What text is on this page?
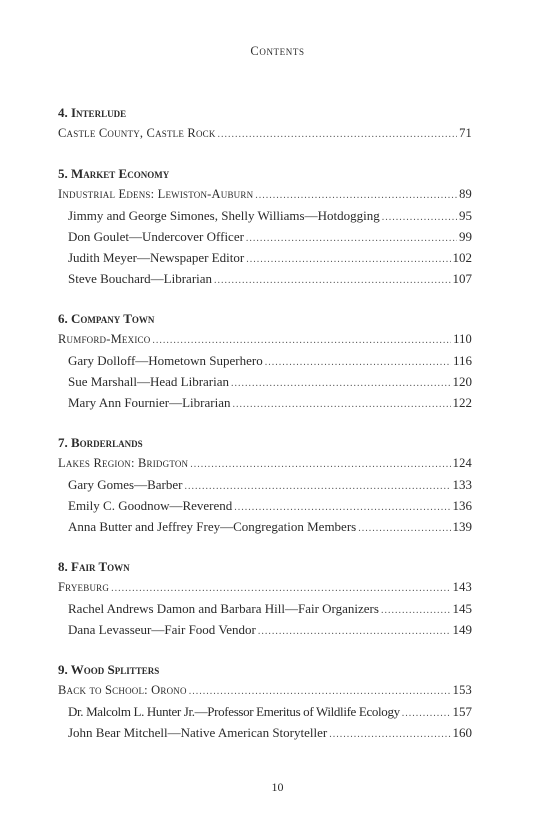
Contents
4. Interlude
Castle County, Castle Rock .....	71
5. Market Economy
Industrial Edens: Lewiston-Auburn .....	89
Jimmy and George Simones, Shelly Williams—Hotdogging .....	95
Don Goulet—Undercover Officer .....	99
Judith Meyer—Newspaper Editor .....	102
Steve Bouchard—Librarian .....	107
6. Company Town
Rumford-Mexico .....	110
Gary Dolloff—Hometown Superhero .....	116
Sue Marshall—Head Librarian .....	120
Mary Ann Fournier—Librarian .....	122
7. Borderlands
Lakes Region: Bridgton .....	124
Gary Gomes—Barber .....	133
Emily C. Goodnow—Reverend .....	136
Anna Butter and Jeffrey Frey—Congregation Members .....	139
8. Fair Town
Fryeburg .....	143
Rachel Andrews Damon and Barbara Hill—Fair Organizers .....	145
Dana Levasseur—Fair Food Vendor .....	149
9. Wood Splitters
Back to School: Orono .....	153
Dr. Malcolm L. Hunter Jr.—Professor Emeritus of Wildlife Ecology .....	157
John Bear Mitchell—Native American Storyteller .....	160
10
